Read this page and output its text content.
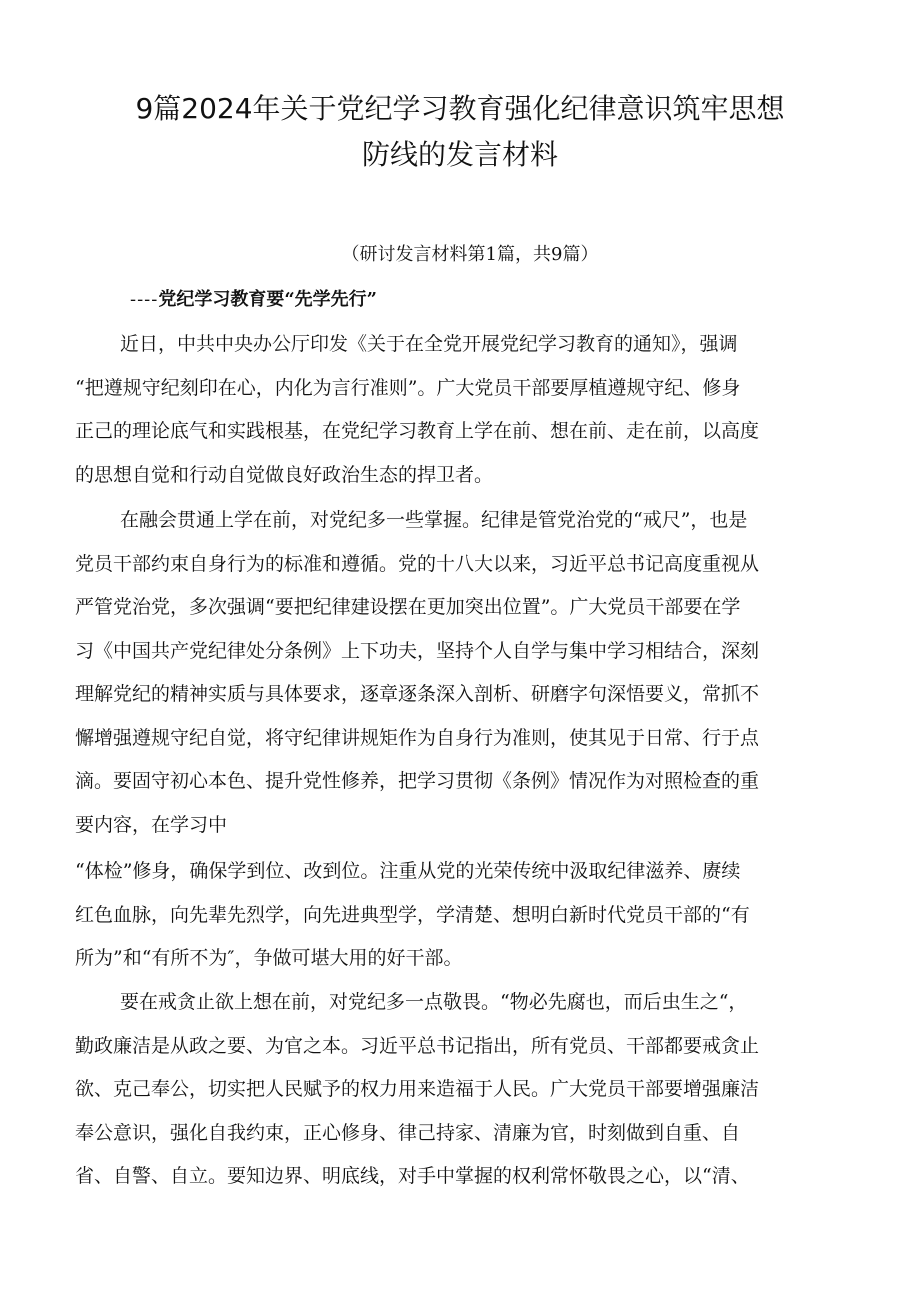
9篇2024年关于党纪学习教育强化纪律意识筑牢思想
防线的发言材料
（研讨发言材料第1篇，共9篇）
----党纪学习教育要“先学先行”
近日，中共中央办公厅印发《关于在全党开展党纪学习教育的通知》，强调
“把遵规守纪刻印在心，内化为言行准则”。广大党员干部要厚植遵规守纪、修身
正己的理论底气和实践根基，在党纪学习教育上学在前、想在前、走在前，以高度
的思想自觉和行动自觉做良好政治生态的捍卫者。
在融会贯通上学在前，对党纪多一些掌握。纪律是管党治党的“戒尺”，也是
党员干部约束自身行为的标准和遵循。党的十八大以来，习近平总书记高度重视从
严管党治党，多次强调“要把纪律建设摆在更加突出位置”。广大党员干部要在学
习《中国共产党纪律处分条例》上下功夫，坚持个人自学与集中学习相结合，深刻
理解党纪的精神实质与具体要求，逐章逐条深入剖析、研磨字句深悟要义，常抓不
懈增强遵规守纪自觉，将守纪律讲规矩作为自身行为准则，使其见于日常、行于点
滴。要固守初心本色、提升党性修养，把学习贯彻《条例》情况作为对照检查的重
要内容，在学习中
“体检”修身，确保学到位、改到位。注重从党的光荣传统中汲取纪律滋养、赓续
红色血脉，向先辈先烈学，向先进典型学，学清楚、想明白新时代党员干部的“有
所为”和“有所不为″，争做可堪大用的好干部。
要在戒贪止欲上想在前，对党纪多一点敬畏。“物必先腐也，而后虫生之“，
勤政廉洁是从政之要、为官之本。习近平总书记指出，所有党员、干部都要戒贪止
欲、克己奉公，切实把人民赋予的权力用来造福于人民。广大党员干部要增强廉洁
奉公意识，强化自我约束，正心修身、律己持家、清廉为官，时刻做到自重、自
省、自警、自立。要知边界、明底线，对手中掌握的权利常怀敬畏之心，以“清、
